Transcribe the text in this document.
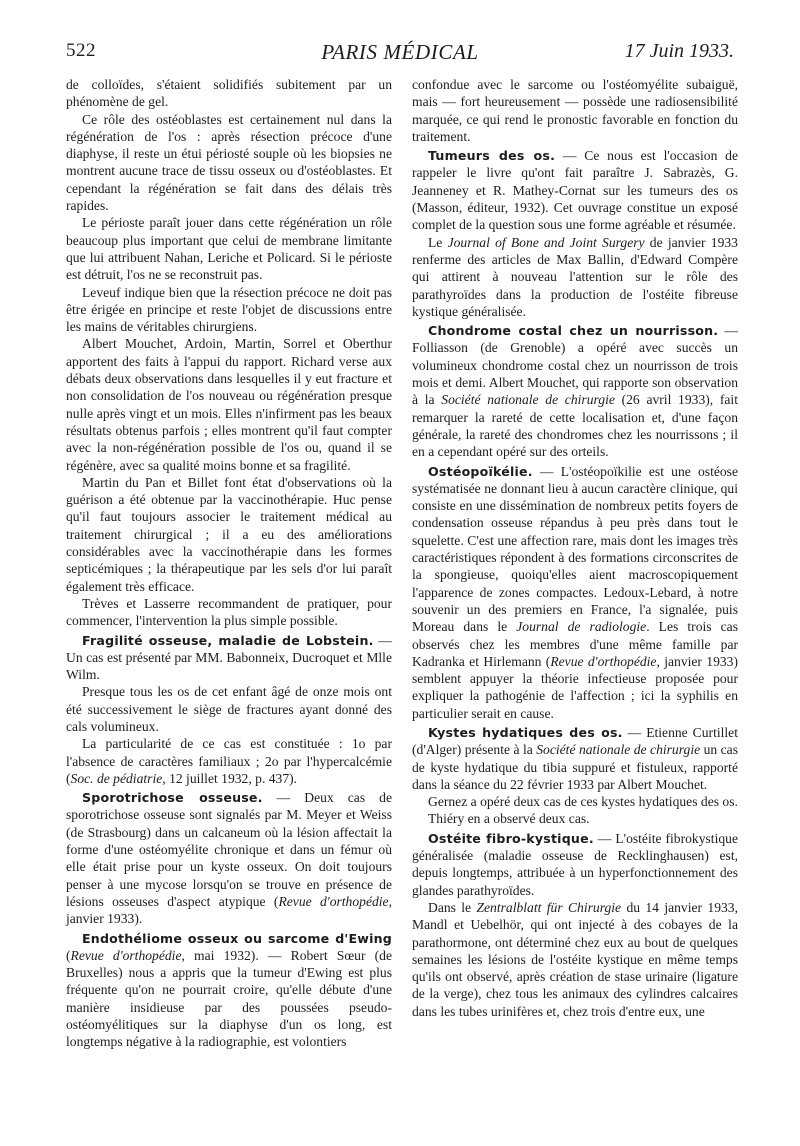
522	PARIS MÉDICAL	17 Juin 1933.

de colloïdes, s'étaient solidifiés subitement par un phénomène de gel.

Ce rôle des ostéoblastes est certainement nul dans la régénération de l'os : après résection précoce d'une diaphyse, il reste un étui périosté souple où les biopsies ne montrent aucune trace de tissu osseux ou d'ostéoblastes. Et cependant la régénération se fait dans des délais très rapides.

Le périoste paraît jouer dans cette régénération un rôle beaucoup plus important que celui de membrane limitante que lui attribuent Nahan, Leriche et Policard. Si le périoste est détruit, l'os ne se reconstruit pas.

Leveuf indique bien que la résection précoce ne doit pas être érigée en principe et reste l'objet de discussions entre les mains de véritables chirurgiens.

Albert Mouchet, Ardoin, Martin, Sorrel et Oberthur apportent des faits à l'appui du rapport. Richard verse aux débats deux observations dans lesquelles il y eut fracture et non consolidation de l'os nouveau ou régénération presque nulle après vingt et un mois. Elles n'infirment pas les beaux résultats obtenus parfois ; elles montrent qu'il faut compter avec la non-régénération possible de l'os ou, quand il se régénère, avec sa qualité moins bonne et sa fragilité.

Martin du Pan et Billet font état d'observations où la guérison a été obtenue par la vaccinothérapie. Huc pense qu'il faut toujours associer le traitement médical au traitement chirurgical ; il a eu des améliorations considérables avec la vaccinothérapie dans les formes septicémiques ; la thérapeutique par les sels d'or lui paraît également très efficace.

Trèves et Lasserre recommandent de pratiquer, pour commencer, l'intervention la plus simple possible.

Fragilité osseuse, maladie de Lobstein. — Un cas est présenté par MM. Babonneix, Ducroquet et Mlle Wilm.

Presque tous les os de cet enfant âgé de onze mois ont été successivement le siège de fractures ayant donné des cals volumineux.

La particularité de ce cas est constituée : 1o par l'absence de caractères familiaux ; 2o par l'hypercalcémie (Soc. de pédiatrie, 12 juillet 1932, p. 437).

Sporotrichose osseuse. — Deux cas de sporotrichose osseuse sont signalés par M. Meyer et Weiss (de Strasbourg) dans un calcaneum où la lésion affectait la forme d'une ostéomyélite chronique et dans un fémur où elle était prise pour un kyste osseux. On doit toujours penser à une mycose lorsqu'on se trouve en présence de lésions osseuses d'aspect atypique (Revue d'orthopédie, janvier 1933).

Endothéliome osseux ou sarcome d'Ewing (Revue d'orthopédie, mai 1932). — Robert Sœur (de Bruxelles) nous a appris que la tumeur d'Ewing est plus fréquente qu'on ne pourrait croire, qu'elle débute d'une manière insidieuse par des poussées pseudo-ostéomyélitiques sur la diaphyse d'un os long, est longtemps négative à la radiographie, est volontiers

confondue avec le sarcome ou l'ostéomyélite subaiguë, mais — fort heureusement — possède une radiosensibilité marquée, ce qui rend le pronostic favorable en fonction du traitement.

Tumeurs des os. — Ce nous est l'occasion de rappeler le livre qu'ont fait paraître J. Sabrazès, G. Jeanneney et R. Mathey-Cornat sur les tumeurs des os (Masson, éditeur, 1932). Cet ouvrage constitue un exposé complet de la question sous une forme agréable et résumée.

Le Journal of Bone and Joint Surgery de janvier 1933 renferme des articles de Max Ballin, d'Edward Compère qui attirent à nouveau l'attention sur le rôle des parathyroïdes dans la production de l'ostéite fibreuse kystique généralisée.

Chondrome costal chez un nourrisson. — Folliasson (de Grenoble) a opéré avec succès un volumineux chondrome costal chez un nourrisson de trois mois et demi. Albert Mouchet, qui rapporte son observation à la Société nationale de chirurgie (26 avril 1933), fait remarquer la rareté de cette localisation et, d'une façon générale, la rareté des chondromes chez les nourrissons ; il en a cependant opéré sur des orteils.

Ostéopoïkélie. — L'ostéopoïkilie est une ostéose systématisée ne donnant lieu à aucun caractère clinique, qui consiste en une dissémination de nombreux petits foyers de condensation osseuse répandus à peu près dans tout le squelette. C'est une affection rare, mais dont les images très caractéristiques répondent à des formations circonscrites de la spongieuse, quoiqu'elles aient macroscopiquement l'apparence de zones compactes. Ledoux-Lebard, à notre souvenir un des premiers en France, l'a signalée, puis Moreau dans le Journal de radiologie. Les trois cas observés chez les membres d'une même famille par Kadranka et Hirlemann (Revue d'orthopédie, janvier 1933) semblent appuyer la théorie infectieuse proposée pour expliquer la pathogénie de l'affection ; ici la syphilis en particulier serait en cause.

Kystes hydatiques des os. — Etienne Curtillet (d'Alger) présente à la Société nationale de chirurgie un cas de kyste hydatique du tibia suppuré et fistuleux, rapporté dans la séance du 22 février 1933 par Albert Mouchet.

Gernez a opéré deux cas de ces kystes hydatiques des os.

Thiéry en a observé deux cas.

Ostéite fibro-kystique. — L'ostéite fibrokystique généralisée (maladie osseuse de Recklinghausen) est, depuis longtemps, attribuée à un hyperfonctionnement des glandes parathyroïdes.

Dans le Zentralblatt für Chirurgie du 14 janvier 1933, Mandl et Uebelhör, qui ont injecté à des cobayes de la parathormone, ont déterminé chez eux au bout de quelques semaines les lésions de l'ostéite kystique en même temps qu'ils ont observé, après création de stase urinaire (ligature de la verge), chez tous les animaux des cylindres calcaires dans les tubes urinifères et, chez trois d'entre eux, une
